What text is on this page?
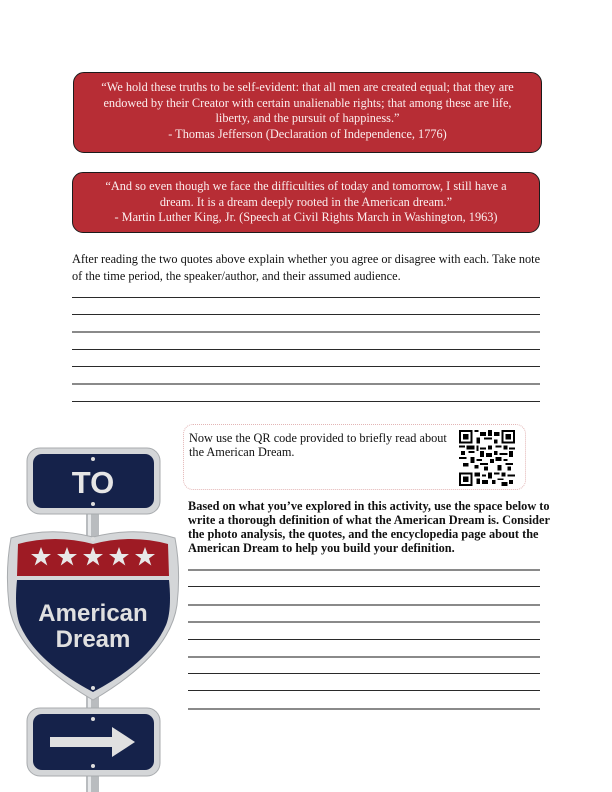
“We hold these truths to be self-evident: that all men are created equal; that they are
endowed by their Creator with certain unalienable rights; that among these are life,
liberty, and the pursuit of happiness.”
- Thomas Jefferson (Declaration of Independence, 1776)
“And so even though we face the difficulties of today and tomorrow, I still have a
dream. It is a dream deeply rooted in the American dream.”
- Martin Luther King, Jr. (Speech at Civil Rights March in Washington, 1963)
After reading the two quotes above explain whether you agree or disagree with each. Take note of the time period, the speaker/author, and their assumed audience.
Now use the QR code provided to briefly read about the American Dream.
Based on what you’ve explored in this activity, use the space below to write a thorough definition of what the American Dream is. Consider the photo analysis, the quotes, and the encyclopedia page about the American Dream to help you build your definition.
TO
American
Dream
